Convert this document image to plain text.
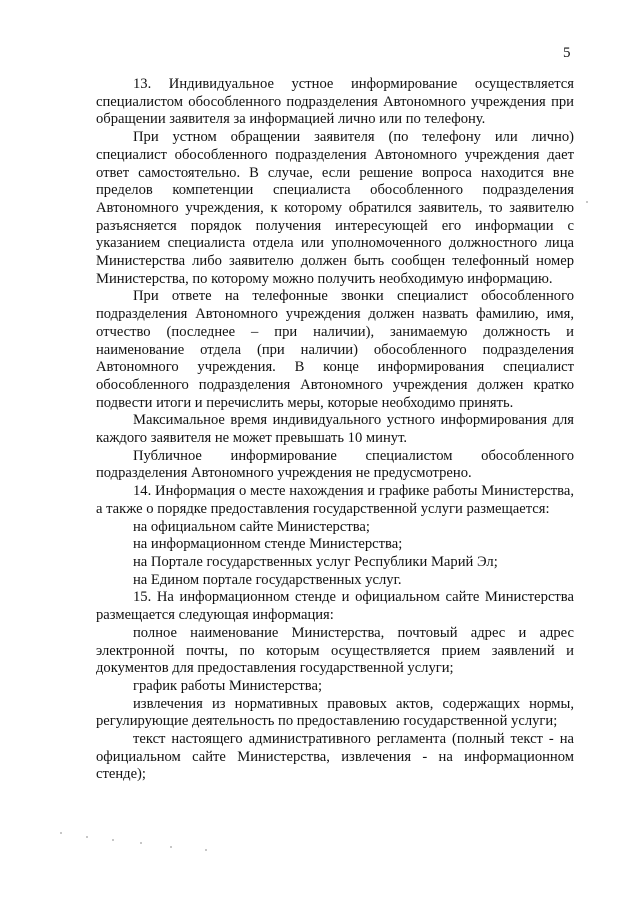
5

13. Индивидуальное устное информирование осуществляется специалистом обособленного подразделения Автономного учреждения при обращении заявителя за информацией лично или по телефону.

При устном обращении заявителя (по телефону или лично) специалист обособленного подразделения Автономного учреждения дает ответ самостоятельно. В случае, если решение вопроса находится вне пределов компетенции специалиста обособленного подразделения Автономного учреждения, к которому обратился заявитель, то заявителю разъясняется порядок получения интересующей его информации с указанием специалиста отдела или уполномоченного должностного лица Министерства либо заявителю должен быть сообщен телефонный номер Министерства, по которому можно получить необходимую информацию.

При ответе на телефонные звонки специалист обособленного подразделения Автономного учреждения должен назвать фамилию, имя, отчество (последнее – при наличии), занимаемую должность и наименование отдела (при наличии) обособленного подразделения Автономного учреждения. В конце информирования специалист обособленного подразделения Автономного учреждения должен кратко подвести итоги и перечислить меры, которые необходимо принять.

Максимальное время индивидуального устного информирования для каждого заявителя не может превышать 10 минут.

Публичное информирование специалистом обособленного подразделения Автономного учреждения не предусмотрено.

14. Информация о месте нахождения и графике работы Министерства, а также о порядке предоставления государственной услуги размещается:

на официальном сайте Министерства;

на информационном стенде Министерства;

на Портале государственных услуг Республики Марий Эл;

на Едином портале государственных услуг.

15. На информационном стенде и официальном сайте Министерства размещается следующая информация:

полное наименование Министерства, почтовый адрес и адрес электронной почты, по которым осуществляется прием заявлений и документов для предоставления государственной услуги;

график работы Министерства;

извлечения из нормативных правовых актов, содержащих нормы, регулирующие деятельность по предоставлению государственной услуги;

текст настоящего административного регламента (полный текст - на официальном сайте Министерства, извлечения - на информационном стенде);
